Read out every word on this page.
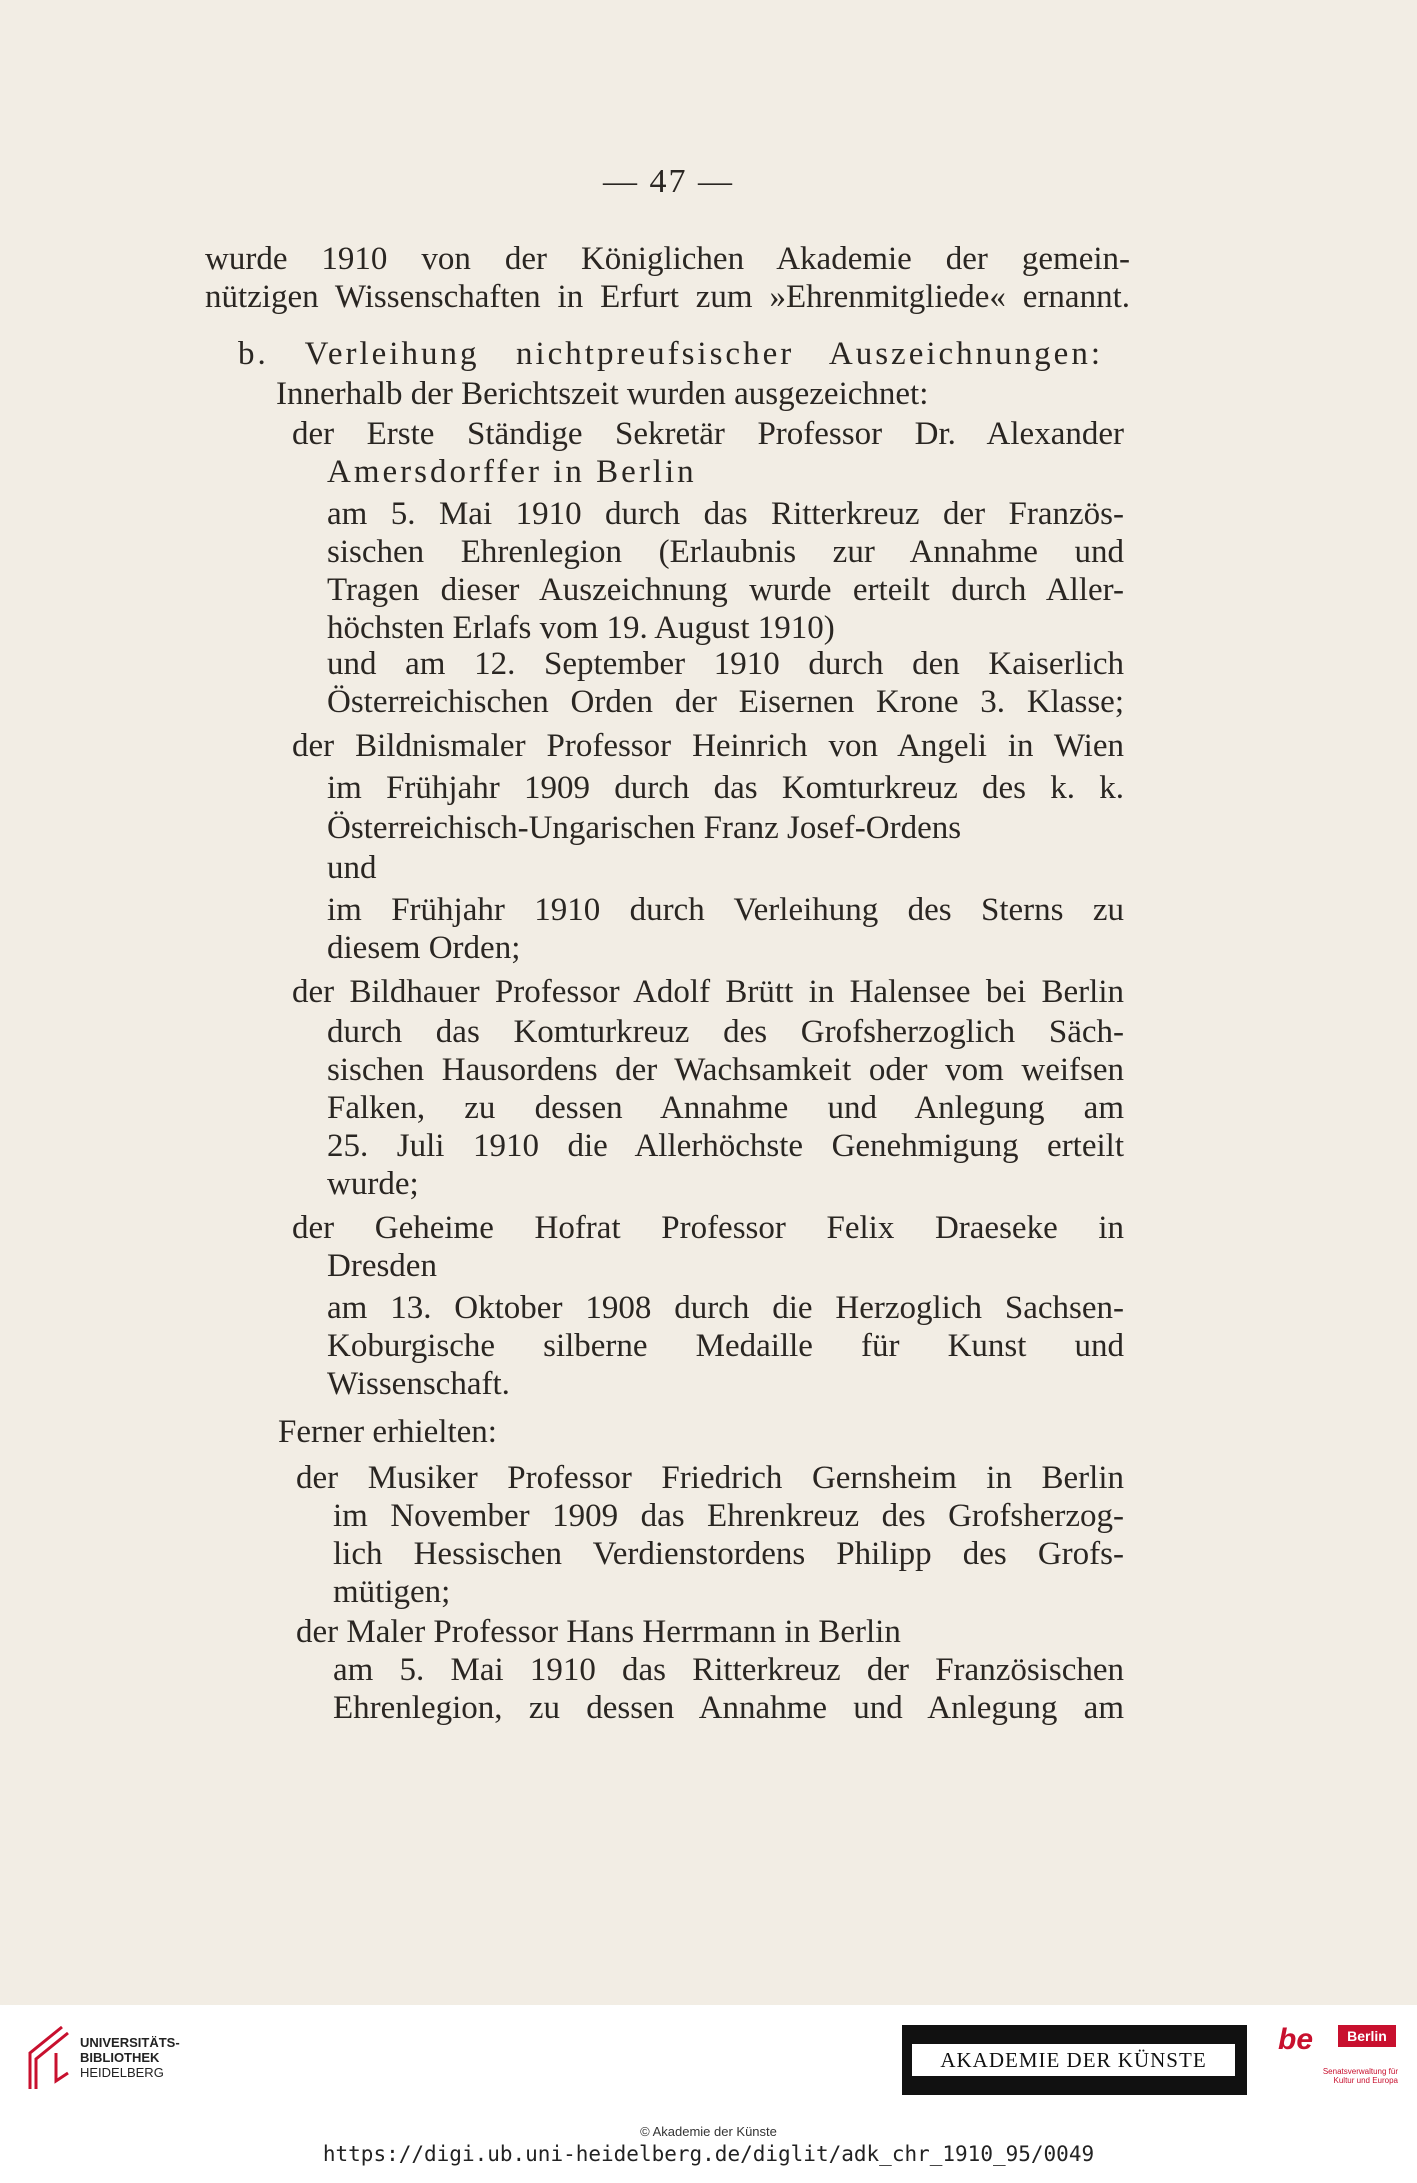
— 47 —
wurde 1910 von der Königlichen Akademie der gemein-
nützigen Wissenschaften in Erfurt zum »Ehrenmitgliede« ernannt.
b. Verleihung nichtpreufsischer Auszeichnungen:
Innerhalb der Berichtszeit wurden ausgezeichnet:
der Erste Ständige Sekretär Professor Dr. Alexander
Amersdorffer in Berlin
am 5. Mai 1910 durch das Ritterkreuz der Französ-
sischen Ehrenlegion (Erlaubnis zur Annahme und
Tragen dieser Auszeichnung wurde erteilt durch Aller-
höchsten Erlafs vom 19. August 1910)
und am 12. September 1910 durch den Kaiserlich
Österreichischen Orden der Eisernen Krone 3. Klasse;
der Bildnismaler Professor Heinrich von Angeli in Wien
im Frühjahr 1909 durch das Komturkreuz des k. k.
Österreichisch-Ungarischen Franz Josef-Ordens
und
im Frühjahr 1910 durch Verleihung des Sterns zu
diesem Orden;
der Bildhauer Professor Adolf Brütt in Halensee bei Berlin
durch das Komturkreuz des Grofsherzoglich Säch-
sischen Hausordens der Wachsamkeit oder vom weifsen
Falken, zu dessen Annahme und Anlegung am
25. Juli 1910 die Allerhöchste Genehmigung erteilt
wurde;
der Geheime Hofrat Professor Felix Draeseke in
Dresden
am 13. Oktober 1908 durch die Herzoglich Sachsen-
Koburgische silberne Medaille für Kunst und
Wissenschaft.
Ferner erhielten:
der Musiker Professor Friedrich Gernsheim in Berlin
im November 1909 das Ehrenkreuz des Grofsherzog-
lich Hessischen Verdienstordens Philipp des Grofs-
mütigen;
der Maler Professor Hans Herrmann in Berlin
am 5. Mai 1910 das Ritterkreuz der Französischen
Ehrenlegion, zu dessen Annahme und Anlegung am
UNIVERSITÄTS-
BIBLIOTHEK
HEIDELBERG
AKADEMIE DER KÜNSTE
be	Berlin
Senatsverwaltung für Kultur und Europa
© Akademie der Künste
https://digi.ub.uni-heidelberg.de/diglit/adk_chr_1910_95/0049
